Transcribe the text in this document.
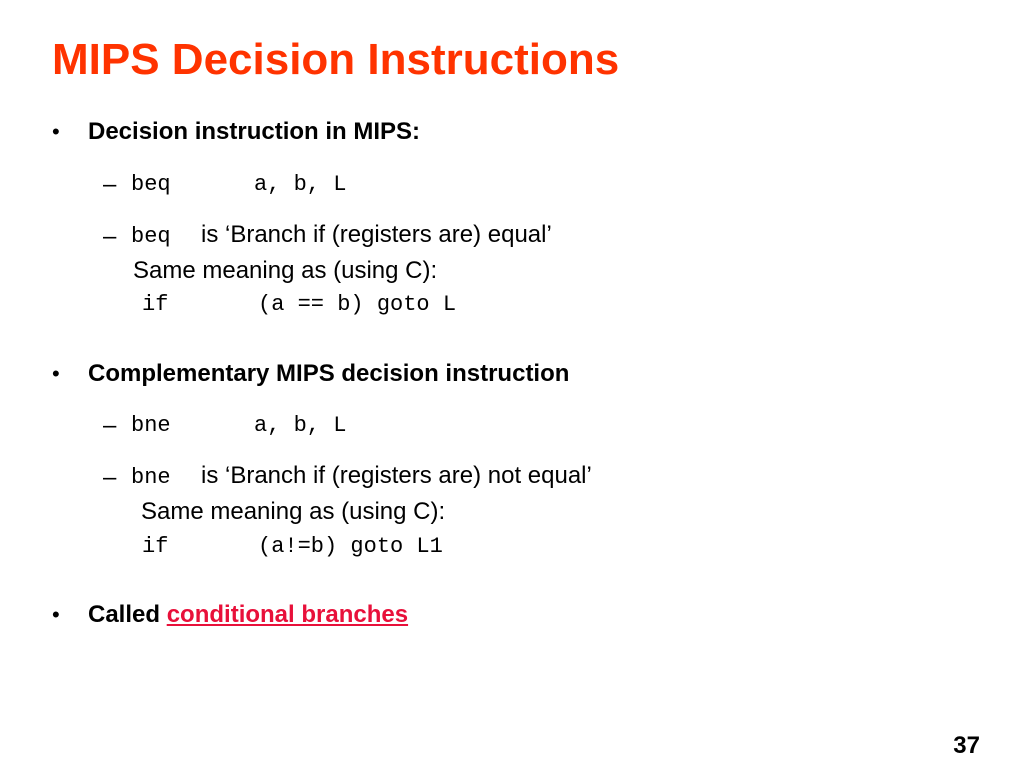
MIPS Decision Instructions
• Decision instruction in MIPS:
– beq	a, b, L
– beq is ‘Branch if (registers are) equal’
Same meaning as (using C):
if	(a == b) goto L
• Complementary MIPS decision instruction
– bne	a, b, L
– bne is ‘Branch if (registers are) not equal’
Same meaning as (using C):
if	(a!=b) goto L1
• Called conditional branches
37
